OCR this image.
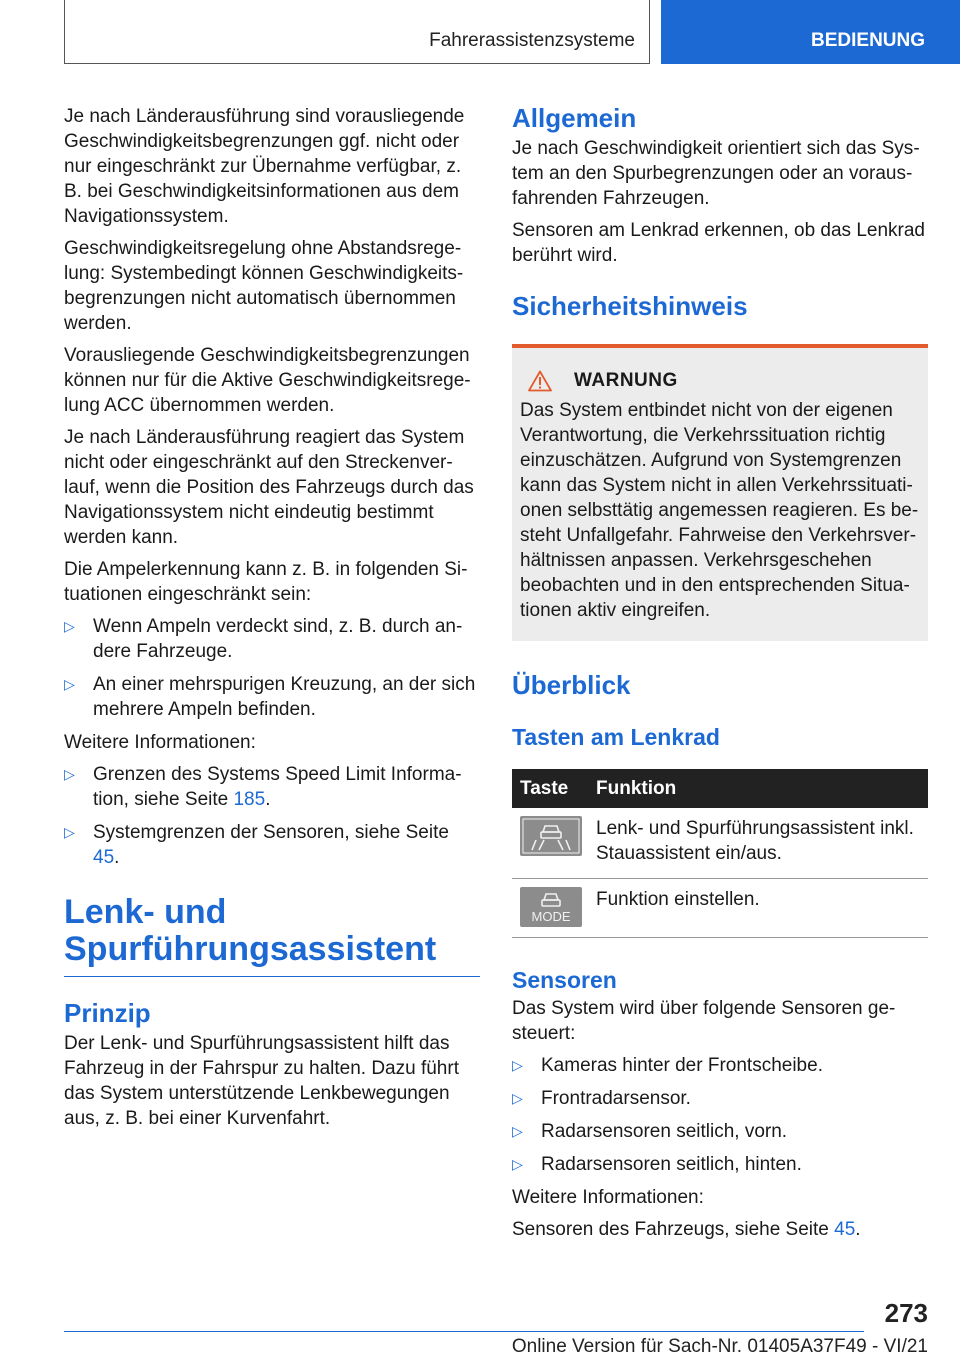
Fahrerassistenzsysteme	BEDIENUNG

Je nach Länderausführung sind vorausliegende Geschwindigkeitsbegrenzungen ggf. nicht oder nur eingeschränkt zur Übernahme verfügbar, z. B. bei Geschwindigkeitsinformationen aus dem Navigationssystem.

Geschwindigkeitsregelung ohne Abstandsregelung: Systembedingt können Geschwindigkeitsbegrenzungen nicht automatisch übernommen werden.

Vorausliegende Geschwindigkeitsbegrenzungen können nur für die Aktive Geschwindigkeitsregelung ACC übernommen werden.

Je nach Länderausführung reagiert das System nicht oder eingeschränkt auf den Streckenverlauf, wenn die Position des Fahrzeugs durch das Navigationssystem nicht eindeutig bestimmt werden kann.

Die Ampelerkennung kann z. B. in folgenden Situationen eingeschränkt sein:

▷ Wenn Ampeln verdeckt sind, z. B. durch andere Fahrzeuge.
▷ An einer mehrspurigen Kreuzung, an der sich mehrere Ampeln befinden.

Weitere Informationen:

▷ Grenzen des Systems Speed Limit Information, siehe Seite 185.
▷ Systemgrenzen der Sensoren, siehe Seite 45.
Lenk- und Spurführungsassistent
Prinzip

Der Lenk- und Spurführungsassistent hilft das Fahrzeug in der Fahrspur zu halten. Dazu führt das System unterstützende Lenkbewegungen aus, z. B. bei einer Kurvenfahrt.

Allgemein

Je nach Geschwindigkeit orientiert sich das System an den Spurbegrenzungen oder an vorausfahrenden Fahrzeugen.

Sensoren am Lenkrad erkennen, ob das Lenkrad berührt wird.

Sicherheitshinweis
WARNUNG

Das System entbindet nicht von der eigenen Verantwortung, die Verkehrssituation richtig einzuschätzen. Aufgrund von Systemgrenzen kann das System nicht in allen Verkehrssituationen selbsttätig angemessen reagieren. Es besteht Unfallgefahr. Fahrweise den Verkehrsverhältnissen anpassen. Verkehrsgeschehen beobachten und in den entsprechenden Situationen aktiv eingreifen.

Überblick
Tasten am Lenkrad
Taste	Funktion

	Lenk- und Spurführungsassistent inkl. Stauassistent ein/aus.

MODE	Funktion einstellen.
Sensoren

Das System wird über folgende Sensoren gesteuert:

▷ Kameras hinter der Frontscheibe.
▷ Frontradarsensor.
▷ Radarsensoren seitlich, vorn.
▷ Radarsensoren seitlich, hinten.

Weitere Informationen:

Sensoren des Fahrzeugs, siehe Seite 45.

273
Online Version für Sach-Nr. 01405A37F49 - VI/21
